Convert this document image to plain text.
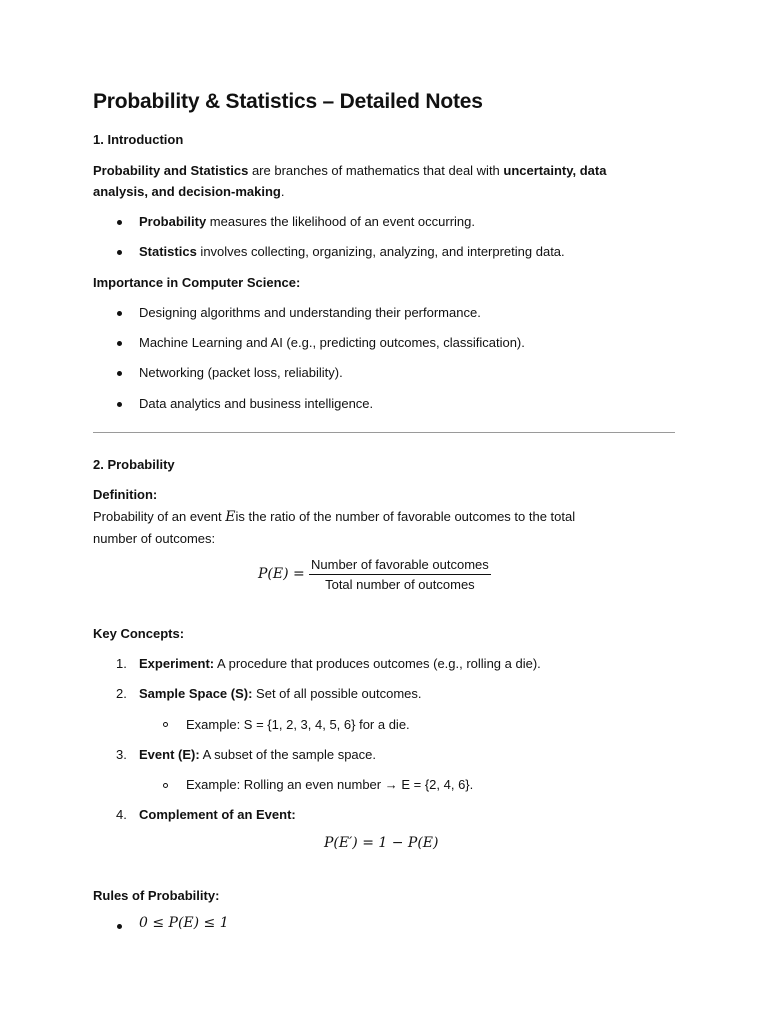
Probability & Statistics – Detailed Notes
1. Introduction
Probability and Statistics are branches of mathematics that deal with uncertainty, data
analysis, and decision-making.
Probability measures the likelihood of an event occurring.
Statistics involves collecting, organizing, analyzing, and interpreting data.
Importance in Computer Science:
Designing algorithms and understanding their performance.
Machine Learning and AI (e.g., predicting outcomes, classification).
Networking (packet loss, reliability).
Data analytics and business intelligence.
2. Probability
Definition:
Probability of an event Eis the ratio of the number of favorable outcomes to the total
number of outcomes:
P(E) =
Number of favorable outcomes
Total number of outcomes
Key Concepts:
1. Experiment: A procedure that produces outcomes (e.g., rolling a die).
2. Sample Space (S): Set of all possible outcomes.
Example: S = {1, 2, 3, 4, 5, 6} for a die.
3. Event (E): A subset of the sample space.
Example: Rolling an even number → E = {2, 4, 6}.
4. Complement of an Event:
P(E′) = 1 − P(E)
Rules of Probability:
0 ≤ P(E) ≤ 1
